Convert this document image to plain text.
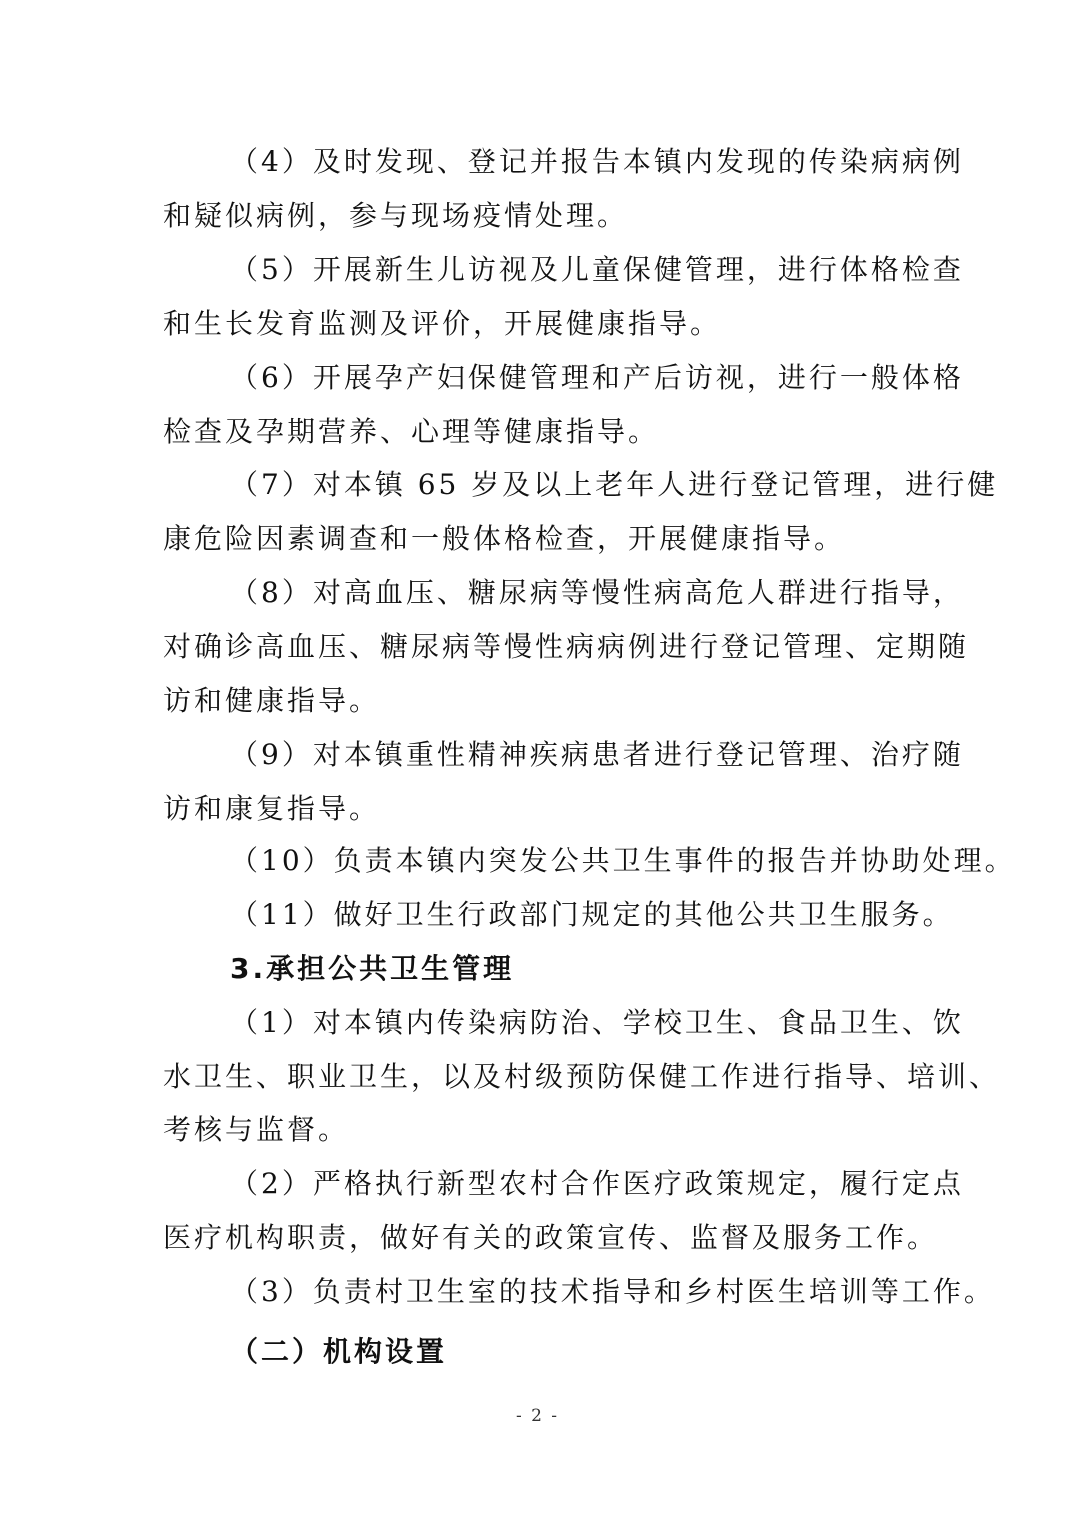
（4）及时发现、登记并报告本镇内发现的传染病病例
和疑似病例，参与现场疫情处理。
（5）开展新生儿访视及儿童保健管理，进行体格检查
和生长发育监测及评价，开展健康指导。
（6）开展孕产妇保健管理和产后访视，进行一般体格
检查及孕期营养、心理等健康指导。
（7）对本镇 65 岁及以上老年人进行登记管理，进行健
康危险因素调查和一般体格检查，开展健康指导。
（8）对高血压、糖尿病等慢性病高危人群进行指导，
对确诊高血压、糖尿病等慢性病病例进行登记管理、定期随
访和健康指导。
（9）对本镇重性精神疾病患者进行登记管理、治疗随
访和康复指导。
（10）负责本镇内突发公共卫生事件的报告并协助处理。
（11）做好卫生行政部门规定的其他公共卫生服务。
3.承担公共卫生管理
（1）对本镇内传染病防治、学校卫生、食品卫生、饮
水卫生、职业卫生，以及村级预防保健工作进行指导、培训、
考核与监督。
（2）严格执行新型农村合作医疗政策规定，履行定点
医疗机构职责，做好有关的政策宣传、监督及服务工作。
（3）负责村卫生室的技术指导和乡村医生培训等工作。
（二）机构设置
- 2 -
